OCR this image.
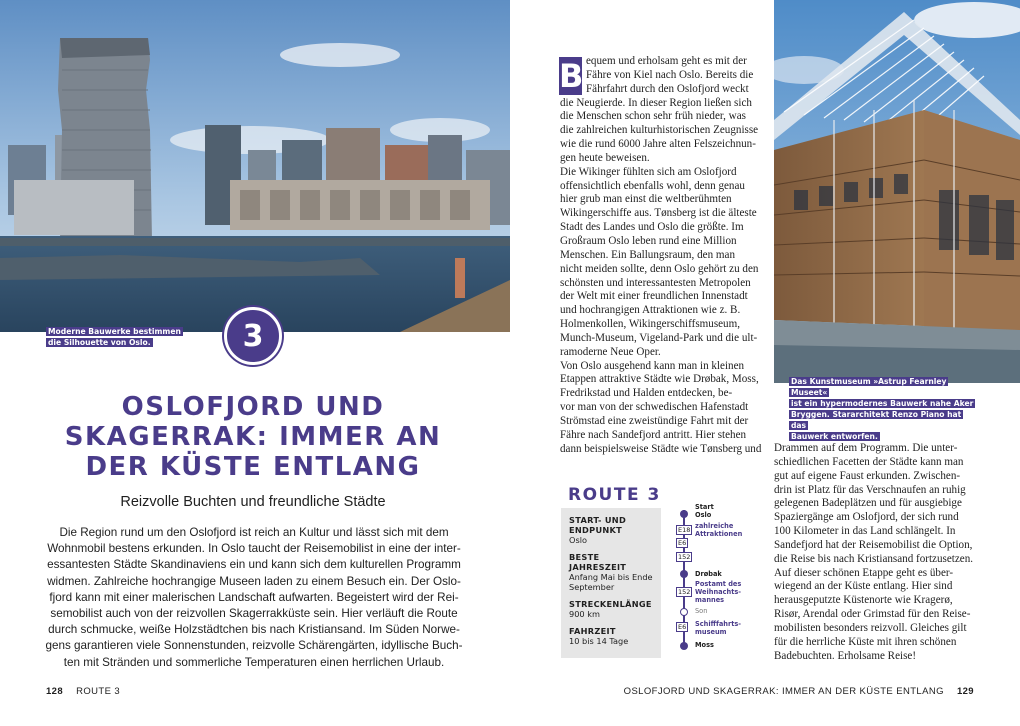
Moderne Bauwerke bestimmen
die Silhouette von Oslo.	3
OSLOFJORD UND
SKAGERRAK: IMMER AN
DER KÜSTE ENTLANG
Reizvolle Buchten und freundliche Städte
Die Region rund um den Oslofjord ist reich an Kultur und lässt sich mit dem
Wohnmobil bestens erkunden. In Oslo taucht der Reisemobilist in eine der inter-
essantesten Städte Skandinaviens ein und kann sich dem kulturellen Programm
widmen. Zahlreiche hochrangige Museen laden zu einem Besuch ein. Der Oslo-
fjord kann mit einer malerischen Landschaft aufwarten. Begeistert wird der Rei-
semobilist auch von der reizvollen Skagerrakküste sein. Hier verläuft die Route
durch schmucke, weiße Holzstädtchen bis nach Kristiansand. Im Süden Norwe-
gens garantieren viele Sonnenstunden, reizvolle Schärengärten, idyllische Buch-
ten mit Stränden und sommerliche Temperaturen einen herrlichen Urlaub.
128 ROUTE 3
B equem und erholsam geht es mit der
Fähre von Kiel nach Oslo. Bereits die
Fährfahrt durch den Oslofjord weckt
die Neugierde. In dieser Region ließen sich
die Menschen schon sehr früh nieder, was
die zahlreichen kulturhistorischen Zeugnisse
wie die rund 6000 Jahre alten Felszeichnun-
gen heute beweisen.
Die Wikinger fühlten sich am Oslofjord
offensichtlich ebenfalls wohl, denn genau
hier grub man einst die weltberühmten
Wikingerschiffe aus. Tønsberg ist die älteste
Stadt des Landes und Oslo die größte. Im
Großraum Oslo leben rund eine Million
Menschen. Ein Ballungsraum, den man
nicht meiden sollte, denn Oslo gehört zu den
schönsten und interessantesten Metropolen
der Welt mit einer freundlichen Innenstadt
und hochrangigen Attraktionen wie z. B.
Holmenkollen, Wikingerschiffsmuseum,
Munch-Museum, Vigeland-Park und die ult-
ramoderne Neue Oper.
Von Oslo ausgehend kann man in kleinen
Etappen attraktive Städte wie Drøbak, Moss,
Fredrikstad und Halden entdecken, be-
vor man von der schwedischen Hafenstadt
Strömstad eine zweistündige Fahrt mit der
Fähre nach Sandefjord antritt. Hier stehen
dann beispielsweise Städte wie Tønsberg und
Das Kunstmuseum »Astrup Fearnley Museet«
ist ein hypermodernes Bauwerk nahe Aker
Bryggen. Stararchitekt Renzo Piano hat das
Bauwerk entworfen.
Drammen auf dem Programm. Die unter-
schiedlichen Facetten der Städte kann man
gut auf eigene Faust erkunden. Zwischen-
drin ist Platz für das Verschnaufen an ruhig
gelegenen Badeplätzen und für ausgiebige
Spaziergänge am Oslofjord, der sich rund
100 Kilometer in das Land schlängelt. In
Sandefjord hat der Reisemobilist die Option,
die Reise bis nach Kristiansand fortzusetzen.
Auf dieser schönen Etappe geht es über-
wiegend an der Küste entlang. Hier sind
herausgeputzte Küstenorte wie Kragerø,
Risør, Arendal oder Grimstad für den Reise-
mobilisten besonders reizvoll. Gleiches gilt
für die herrliche Küste mit ihren schönen
Badebuchten. Erholsame Reise!
ROUTE 3
START- UND
ENDPUNKT
Oslo
BESTE JAHRESZEIT
Anfang Mai bis Ende
September
STRECKENLÄNGE
900 km
FAHRZEIT
10 bis 14 Tage
Start
Oslo
zahlreiche
Attraktionen
E18
E6
152
Drøbak
Postamt des
Weihnachts-
mannes
152
Son
E6	Schifffahrts-
museum
Moss
OSLOFJORD UND SKAGERRAK: IMMER AN DER KÜSTE ENTLANG 129
